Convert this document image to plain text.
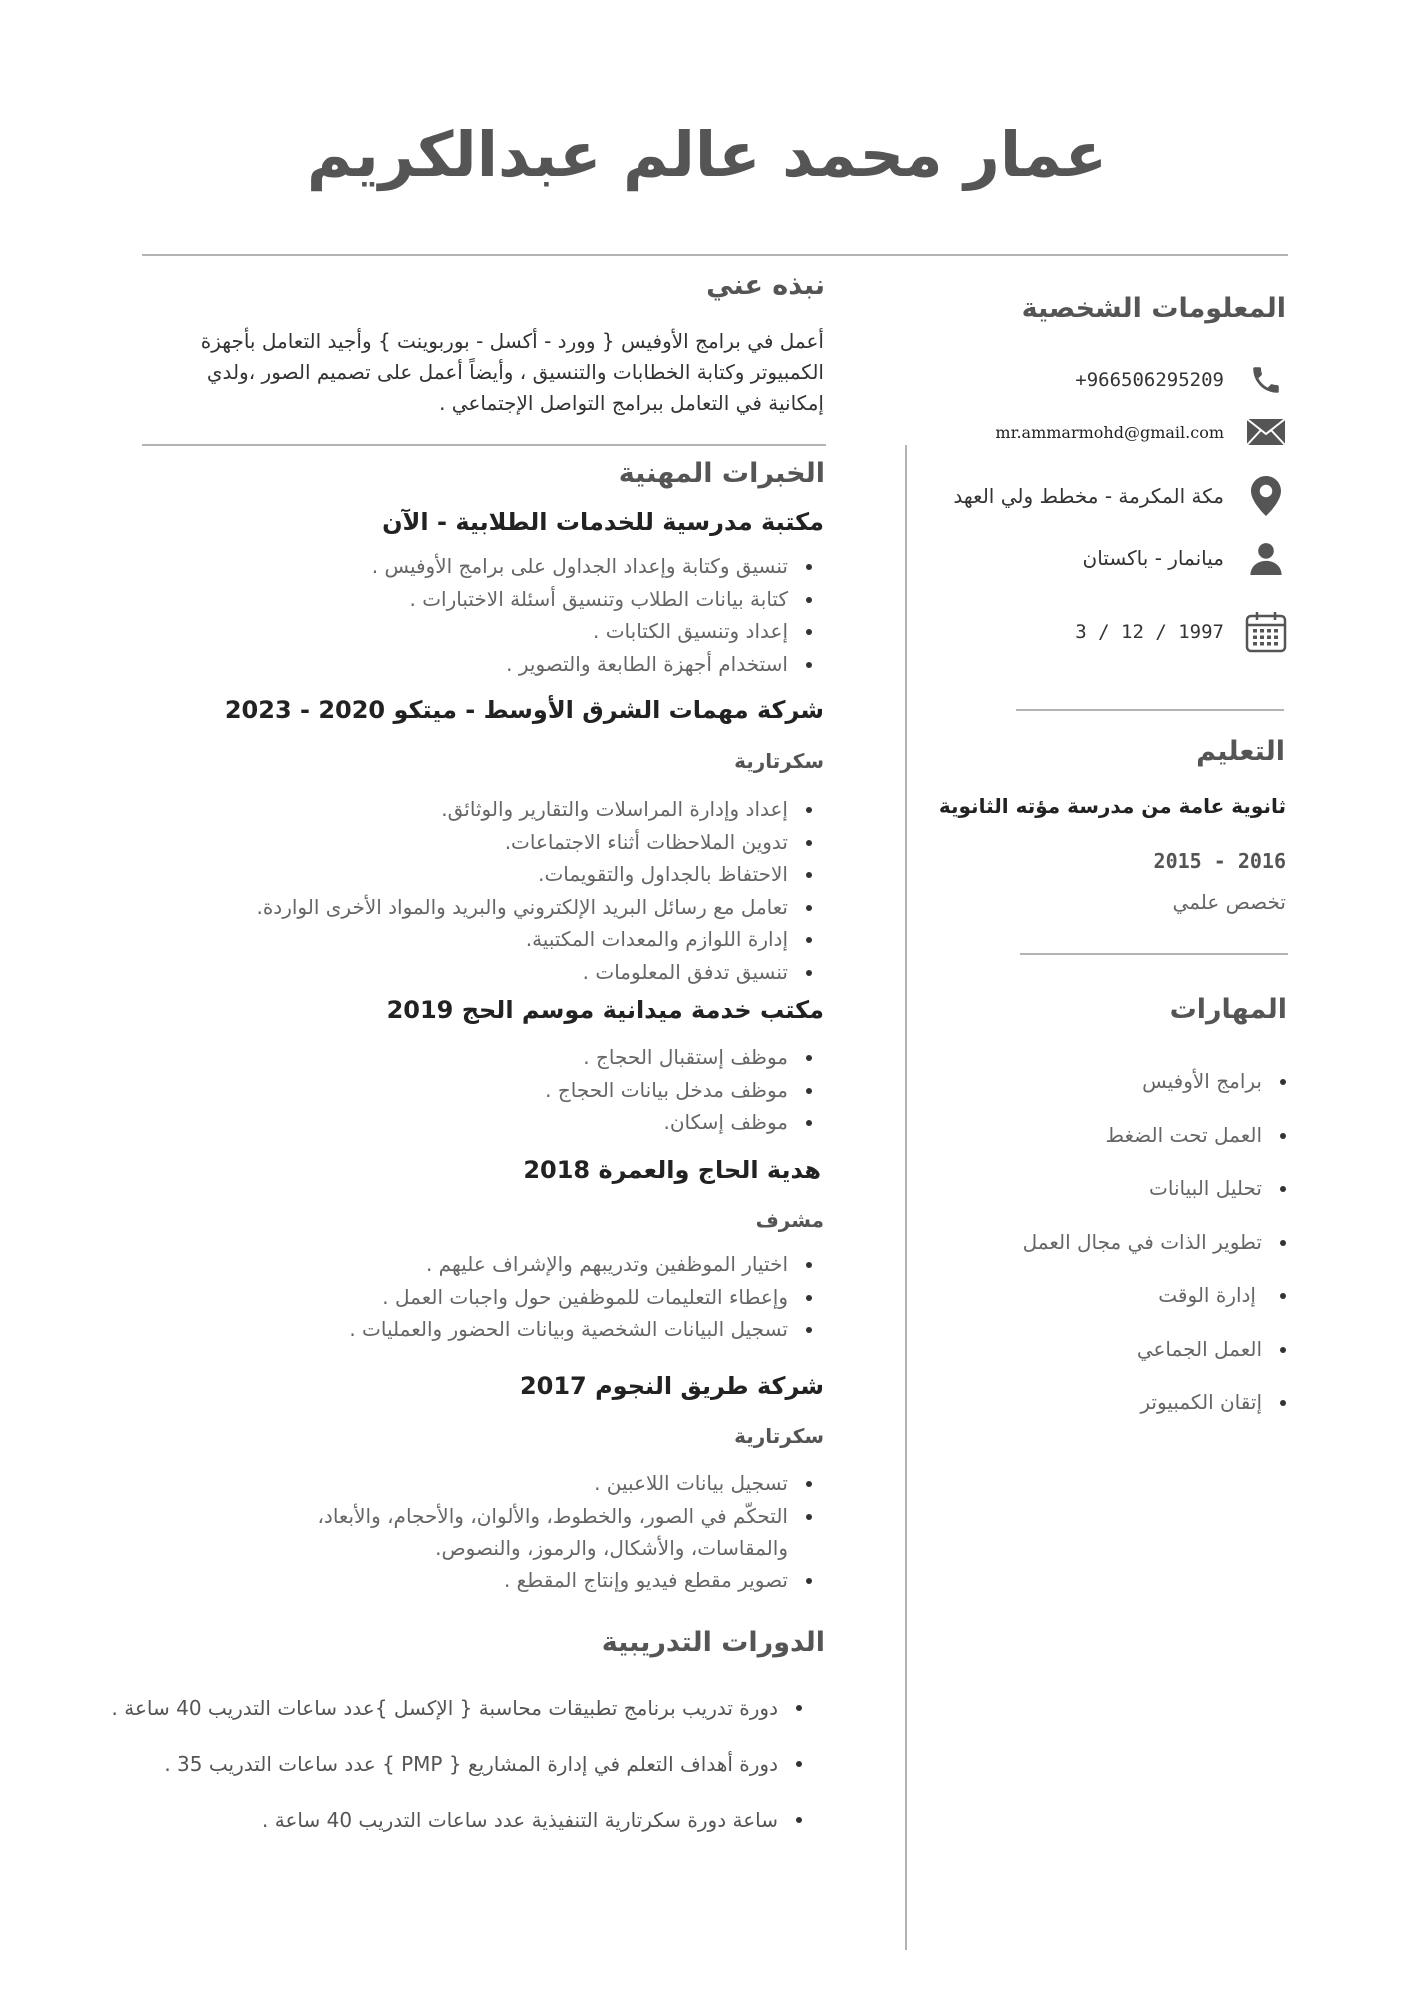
عمار محمد عالم عبدالكريم
نبذه عني
أعمل في برامج الأوفيس { وورد - أكسل - بوربوينت } وأجيد التعامل بأجهزة الكمبيوتر وكتابة الخطابات والتنسيق ، وأيضاً أعمل على تصميم الصور ،ولدي إمكانية في التعامل ببرامج التواصل الإجتماعي .
الخبرات المهنية
مكتبة مدرسية للخدمات الطلابية - الآن
تنسيق وكتابة وإعداد الجداول على برامج الأوفيس .
كتابة بيانات الطلاب وتنسيق أسئلة الاختبارات .
إعداد وتنسيق الكتابات .
استخدام أجهزة الطابعة والتصوير .
شركة مهمات الشرق الأوسط - ميتكو 2020 - 2023
سكرتارية
إعداد وإدارة المراسلات والتقارير والوثائق.
تدوين الملاحظات أثناء الاجتماعات.
الاحتفاظ بالجداول والتقويمات.
تعامل مع رسائل البريد الإلكتروني والبريد والمواد الأخرى الواردة.
إدارة اللوازم والمعدات المكتبية.
تنسيق تدفق المعلومات .
مكتب خدمة ميدانية موسم الحج 2019
موظف إستقبال الحجاج .
موظف مدخل بيانات الحجاج .
موظف إسكان.
هدية الحاج والعمرة 2018
مشرف
اختيار الموظفين وتدريبهم والإشراف عليهم .
وإعطاء التعليمات للموظفين حول واجبات العمل .
تسجيل البيانات الشخصية وبيانات الحضور والعمليات .
شركة طريق النجوم 2017
سكرتارية
تسجيل بيانات اللاعبين .
التحكّم في الصور، والخطوط، والألوان، والأحجام، والأبعاد، والمقاسات، والأشكال، والرموز، والنصوص.
تصوير مقطع فيديو وإنتاج المقطع .
الدورات التدريبية
دورة تدريب برنامج تطبيقات محاسبة { الإكسل }عدد ساعات التدريب 40 ساعة .
دورة أهداف التعلم في إدارة المشاريع { PMP } عدد ساعات التدريب 35 .
ساعة دورة سكرتارية التنفيذية عدد ساعات التدريب 40 ساعة .
المعلومات الشخصية
+966506295209
mr.ammarmohd@gmail.com
مكة المكرمة - مخطط ولي العهد
ميانمار - باكستان
3 / 12 / 1997
التعليم
ثانوية عامة من مدرسة مؤته الثانوية
2015 - 2016
تخصص علمي
المهارات
برامج الأوفيس
العمل تحت الضغط
تحليل البيانات
تطوير الذات في مجال العمل
إدارة الوقت
العمل الجماعي
إتقان الكمبيوتر
